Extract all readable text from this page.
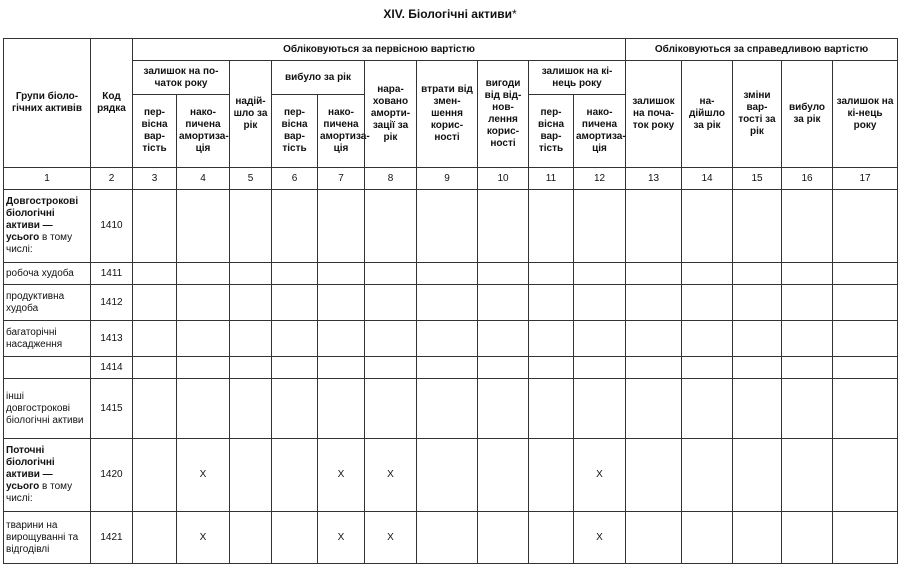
XIV. Біологічні активи*
Групи біоло-гічних активів	Код рядка	Обліковуються за первісною вартістю										Обліковуються за справедливою вартістю				
		залишок на по-чаток року		надій-шло за рік	вибуло за рік		нара-ховано аморти-зації за рік	втрати від змен-шення корис-ності	вигоди від від-нов-лення корис-ності	залишок на кі-нець року		залишок на поча-ток року	на-дійшло за рік	зміни вар-тості за рік	вибуло за рік	залишок на кі-нець року
		пер-вісна вар-тість	нако-пичена амортиза-ція		пер-вісна вар-тість	нако-пичена амортиза-ція				пер-вісна вар-тість	нако-пичена амортиза-ція					
1	2	3	4	5	6	7	8	9	10	11	12	13	14	15	16	17
Довгострокові біологічні активи — усього в тому числі:	1410															
робоча худоба	1411															
продуктивна худоба	1412															
багаторічні насадження	1413															
	1414															
інші довгострокові біологічні активи	1415															
Поточні біологічні активи — усього в тому числі:	1420		X			X	X				X					
тварини на вирощуванні та відгодівлі	1421		X			X	X				X					
